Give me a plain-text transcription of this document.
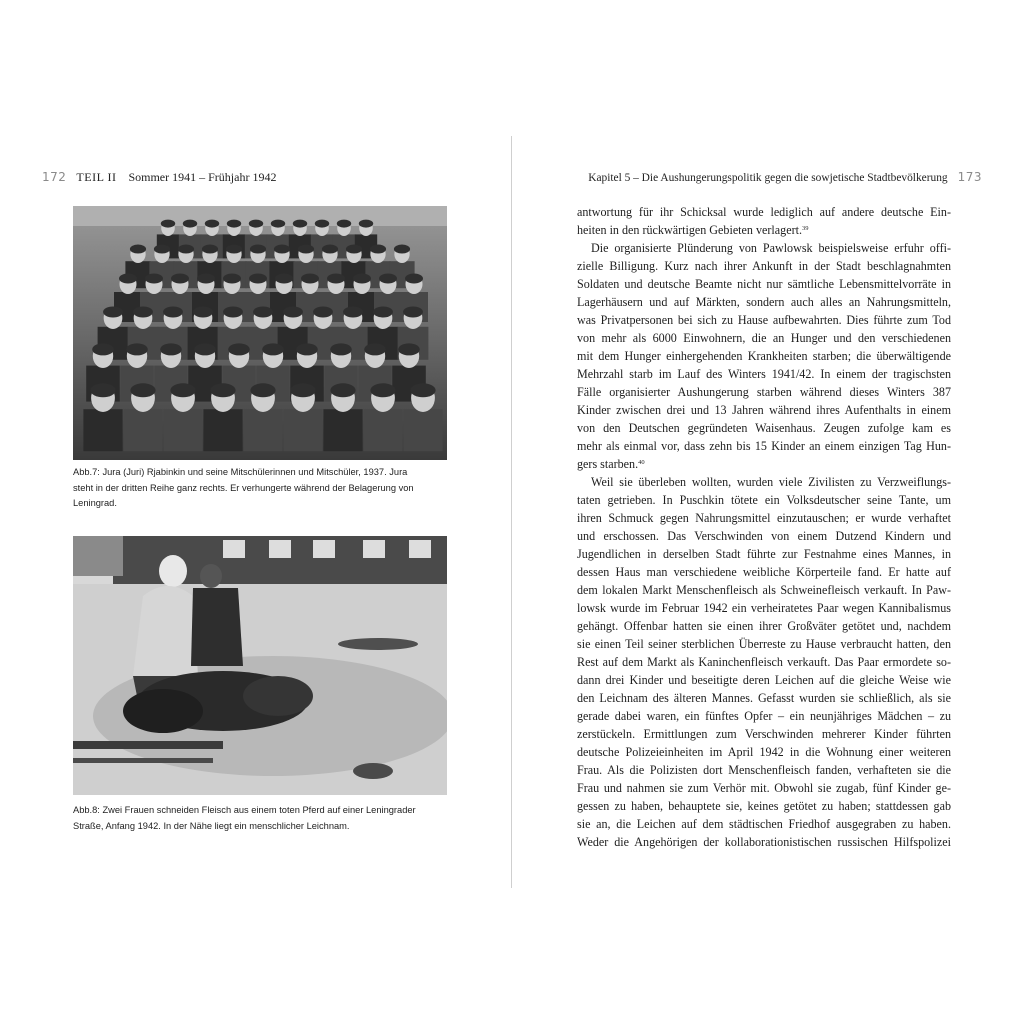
172 TEIL II Sommer 1941 – Frühjahr 1942

Abb.7: Jura (Juri) Rjabinkin und seine Mitschülerinnen und Mitschüler, 1937. Jura

steht in der dritten Reihe ganz rechts. Er verhungerte während der Belagerung von

Leningrad.

Abb.8: Zwei Frauen schneiden Fleisch aus einem toten Pferd auf einer Leningrader

Straße, Anfang 1942. In der Nähe liegt ein menschlicher Leichnam.

Kapitel 5 – Die Aushungerungspolitik gegen die sowjetische Stadtbevölkerung 173
antwortung für ihr Schicksal wurde lediglich auf andere deutsche Ein-
heiten in den rückwärtigen Gebieten verlagert.$^{39}$
Die organisierte Plünderung von Pawlowsk beispielsweise erfuhr offi-
zielle Billigung. Kurz nach ihrer Ankunft in der Stadt beschlagnahmten
Soldaten und deutsche Beamte nicht nur sämtliche Lebensmittelvorräte in
Lagerhäusern und auf Märkten, sondern auch alles an Nahrungsmitteln,
was Privatpersonen bei sich zu Hause aufbewahrten. Dies führte zum Tod
von mehr als 6000 Einwohnern, die an Hunger und den verschiedenen
mit dem Hunger einhergehenden Krankheiten starben; die überwältigende
Mehrzahl starb im Lauf des Winters 1941/42. In einem der tragischsten
Fälle organisierter Aushungerung starben während dieses Winters 387
Kinder zwischen drei und 13 Jahren während ihres Aufenthalts in einem
von den Deutschen gegründeten Waisenhaus. Zeugen zufolge kam es
mehr als einmal vor, dass zehn bis 15 Kinder an einem einzigen Tag Hun-
gers starben.$^{40}$
Weil sie überleben wollten, wurden viele Zivilisten zu Verzweiflungs-
taten getrieben. In Puschkin tötete ein Volksdeutscher seine Tante, um
ihren Schmuck gegen Nahrungsmittel einzutauschen; er wurde verhaftet
und erschossen. Das Verschwinden von einem Dutzend Kindern und
Jugendlichen in derselben Stadt führte zur Festnahme eines Mannes, in
dessen Haus man verschiedene weibliche Körperteile fand. Er hatte auf
dem lokalen Markt Menschenfleisch als Schweinefleisch verkauft. In Paw-
lowsk wurde im Februar 1942 ein verheiratetes Paar wegen Kannibalismus
gehängt. Offenbar hatten sie einen ihrer Großväter getötet und, nachdem
sie einen Teil seiner sterblichen Überreste zu Hause verbraucht hatten, den
Rest auf dem Markt als Kaninchenfleisch verkauft. Das Paar ermordete so-
dann drei Kinder und beseitigte deren Leichen auf die gleiche Weise wie
den Leichnam des älteren Mannes. Gefasst wurden sie schließlich, als sie
gerade dabei waren, ein fünftes Opfer – ein neunjähriges Mädchen – zu
zerstückeln. Ermittlungen zum Verschwinden mehrerer Kinder führten
deutsche Polizeieinheiten im April 1942 in die Wohnung einer weiteren
Frau. Als die Polizisten dort Menschenfleisch fanden, verhafteten sie die
Frau und nahmen sie zum Verhör mit. Obwohl sie zugab, fünf Kinder ge-
gessen zu haben, behauptete sie, keines getötet zu haben; stattdessen gab
sie an, die Leichen auf dem städtischen Friedhof ausgegraben zu haben.
Weder die Angehörigen der kollaborationistischen russischen Hilfspolizei
